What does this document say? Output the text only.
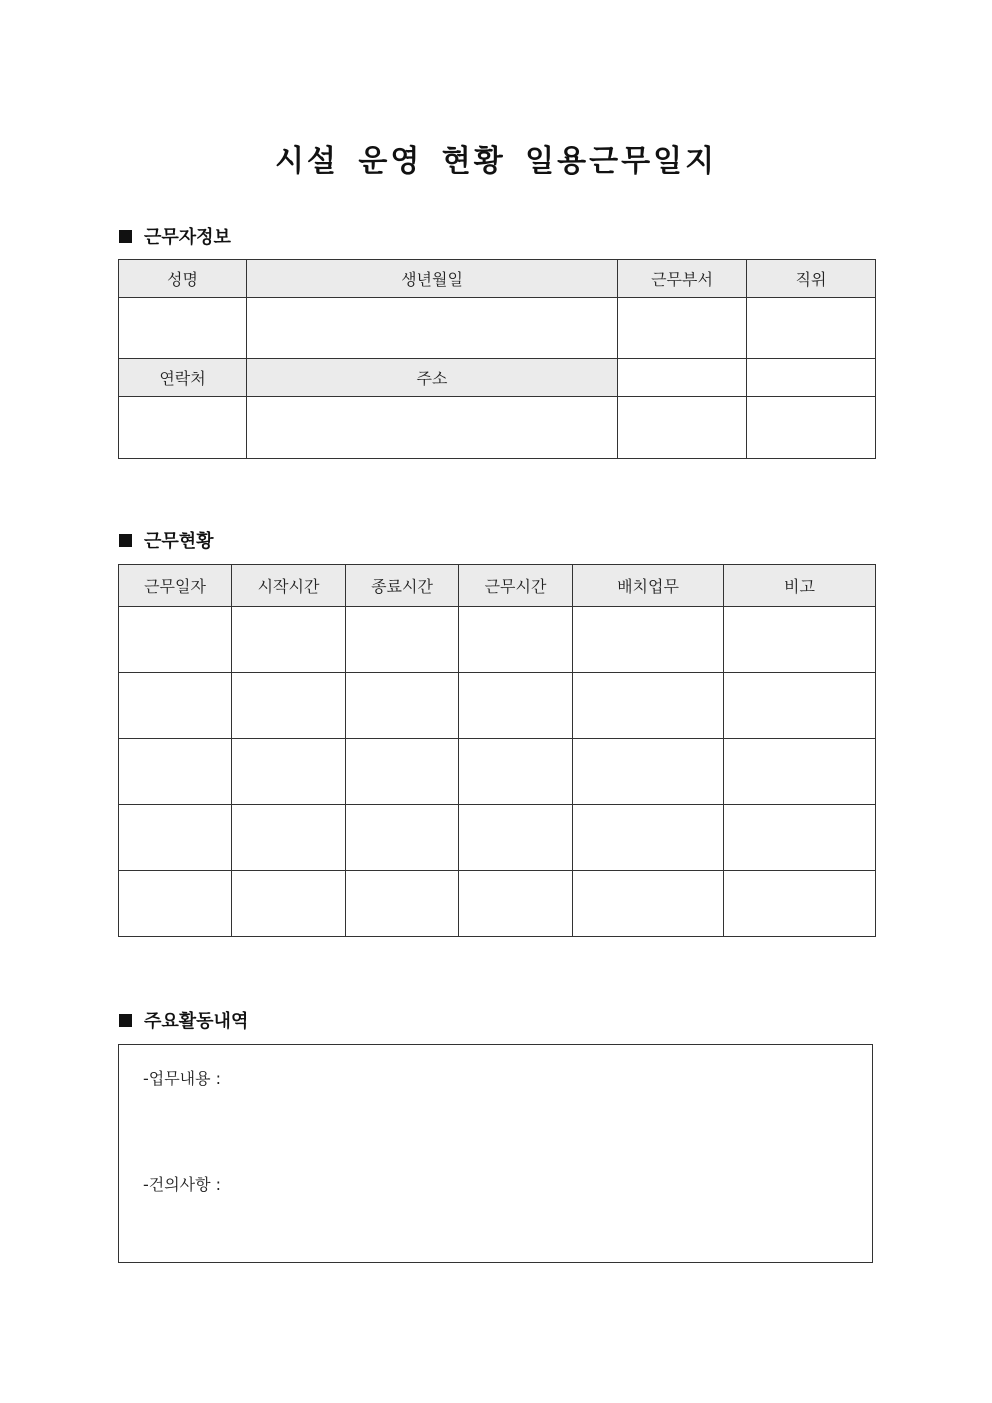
시설 운영 현황 일용근무일지
근무자정보
성명	생년월일	근무부서	직위

연락처	주소		

근무현황
근무일자	시작시간	종료시간	근무시간	배치업무	비고

주요활동내역
-업무내용 :
-건의사항 :
